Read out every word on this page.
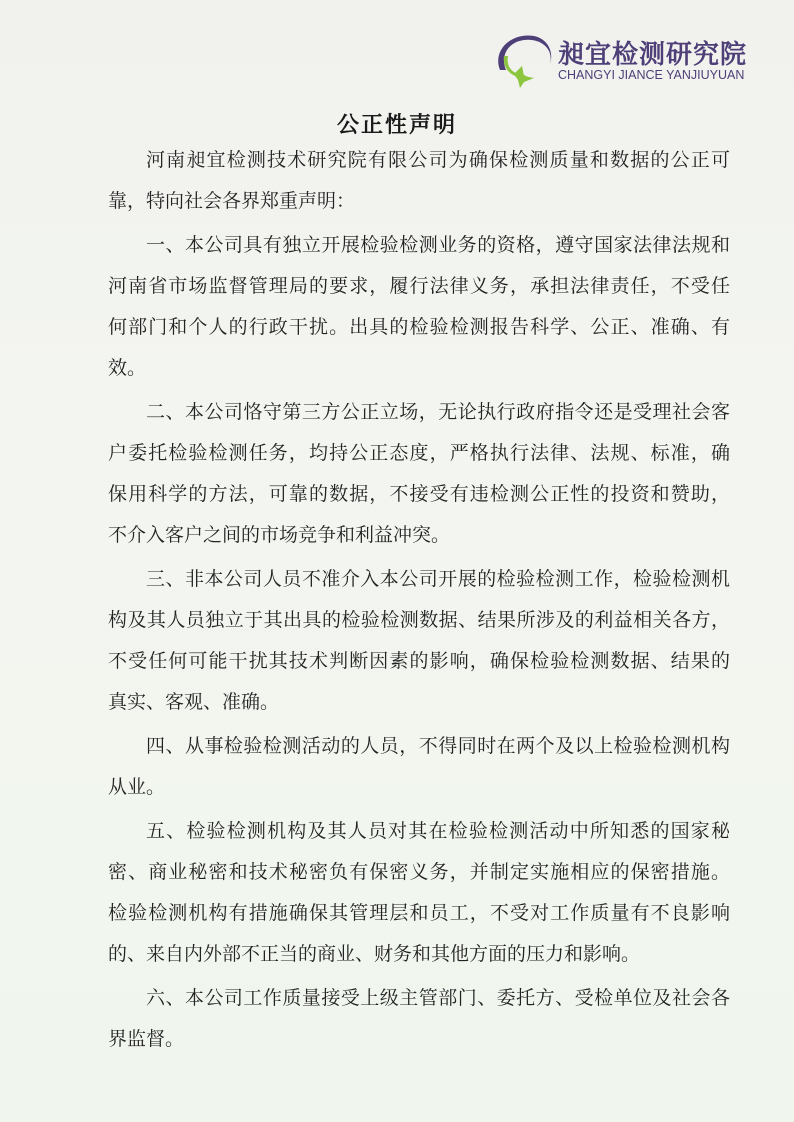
昶宜检测研究院
CHANGYI JIANCE YANJIUYUAN
公正性声明
河南昶宜检测技术研究院有限公司为确保检测质量和数据的公正可
靠，特向社会各界郑重声明：
一、本公司具有独立开展检验检测业务的资格，遵守国家法律法规和
河南省市场监督管理局的要求，履行法律义务，承担法律责任，不受任
何部门和个人的行政干扰。出具的检验检测报告科学、公正、准确、有
效。
二、本公司恪守第三方公正立场，无论执行政府指令还是受理社会客
户委托检验检测任务，均持公正态度，严格执行法律、法规、标准，确
保用科学的方法，可靠的数据，不接受有违检测公正性的投资和赞助，
不介入客户之间的市场竞争和利益冲突。
三、非本公司人员不准介入本公司开展的检验检测工作，检验检测机
构及其人员独立于其出具的检验检测数据、结果所涉及的利益相关各方，
不受任何可能干扰其技术判断因素的影响，确保检验检测数据、结果的
真实、客观、准确。
四、从事检验检测活动的人员，不得同时在两个及以上检验检测机构
从业。
五、检验检测机构及其人员对其在检验检测活动中所知悉的国家秘
密、商业秘密和技术秘密负有保密义务，并制定实施相应的保密措施。
检验检测机构有措施确保其管理层和员工，不受对工作质量有不良影响
的、来自内外部不正当的商业、财务和其他方面的压力和影响。
六、本公司工作质量接受上级主管部门、委托方、受检单位及社会各
界监督。
